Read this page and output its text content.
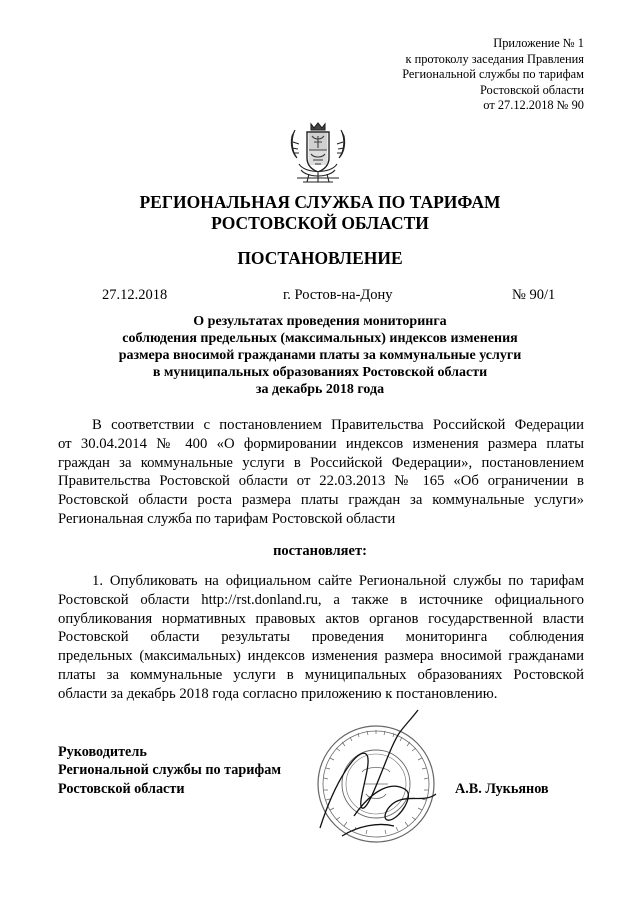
Приложение № 1
к протоколу заседания Правления
Региональной службы по тарифам
Ростовской области
от 27.12.2018 № 90
РЕГИОНАЛЬНАЯ СЛУЖБА ПО ТАРИФАМ
РОСТОВСКОЙ ОБЛАСТИ
ПОСТАНОВЛЕНИЕ
27.12.2018	г. Ростов-на-Дону	№ 90/1
О результатах проведения мониторинга
соблюдения предельных (максимальных) индексов изменения
размера вносимой гражданами платы за коммунальные услуги
в муниципальных образованиях Ростовской области
за декабрь 2018 года
В соответствии с постановлением Правительства Российской Федерации
от 30.04.2014 № 400 «О формировании индексов изменения размера платы
граждан за коммунальные услуги в Российской Федерации», постановлением
Правительства Ростовской области от 22.03.2013 № 165 «Об ограничении в
Ростовской области роста размера платы граждан за коммунальные услуги»
Региональная служба по тарифам Ростовской области
постановляет:
1. Опубликовать на официальном сайте Региональной службы по тарифам
Ростовской области http://rst.donland.ru, а также в источнике официального
опубликования нормативных правовых актов органов государственной власти
Ростовской области результаты проведения мониторинга соблюдения
предельных (максимальных) индексов изменения размера вносимой гражданами
платы за коммунальные услуги в муниципальных образованиях Ростовской
области за декабрь 2018 года согласно приложению к постановлению.
Руководитель
Региональной службы по тарифам
Ростовской области	А.В. Лукьянов
